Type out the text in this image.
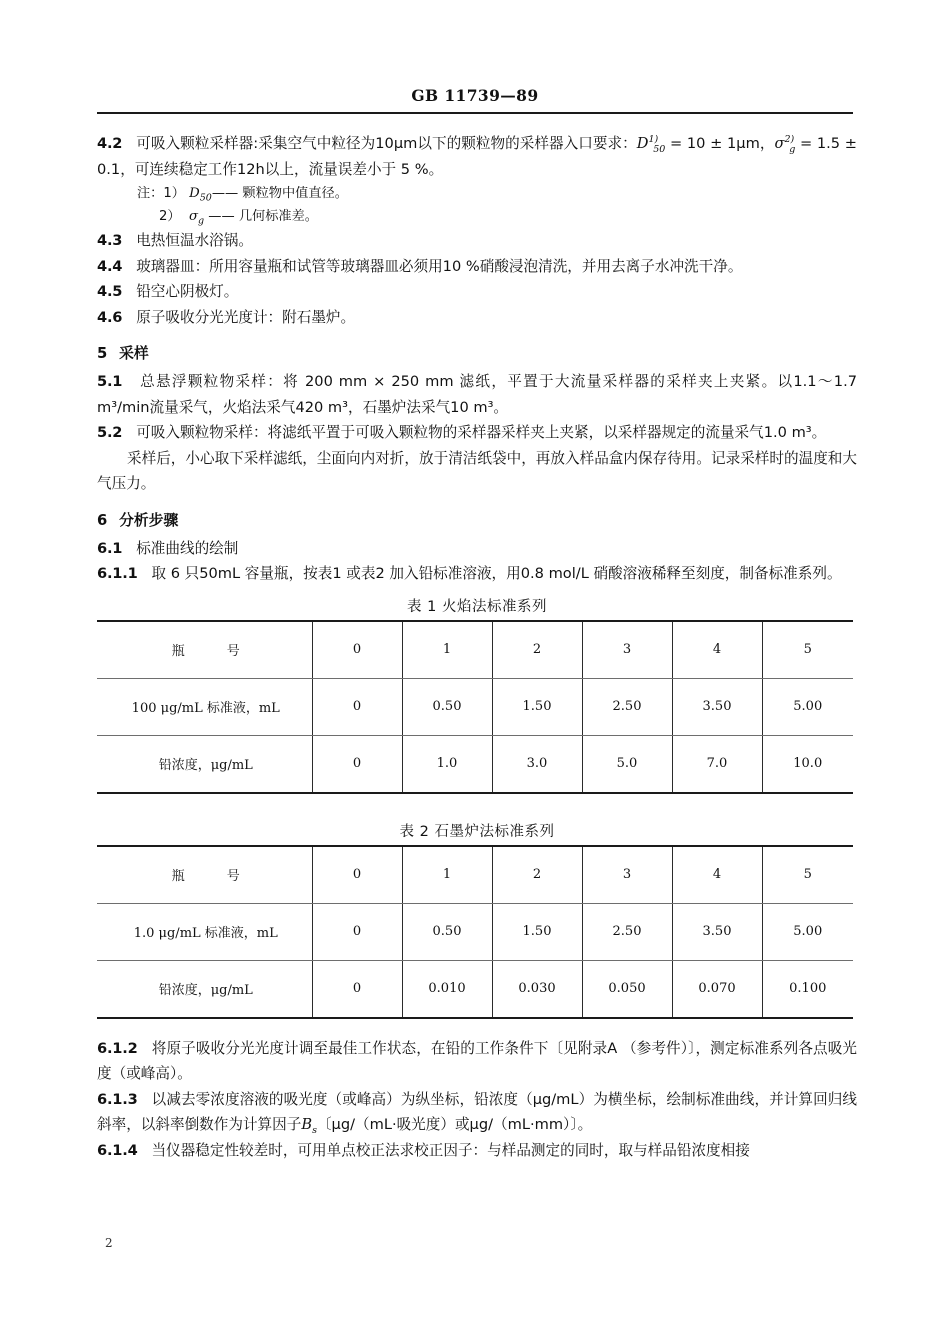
GB 11739—89

4.2 可吸入颗粒采样器:采集空气中粒径为10μm以下的颗粒物的采样器入口要求：$D^{1)}_{50} = 10 \pm 1\mu m$，$\sigma^{2)}_g = 1.5 \pm 0.1$，可连续稳定工作12h以上，流量误差小于 5 %。

注：1） $D_{50}——$ 颗粒物中值直径。

2） $\sigma_g$ —— 几何标准差。

4.3 电热恒温水浴锅。

4.4 玻璃器皿：所用容量瓶和试管等玻璃器皿必须用10 %硝酸浸泡清洗，并用去离子水冲洗干净。

4.5 铅空心阴极灯。

4.6 原子吸收分光光度计：附石墨炉。

5 采样

5.1 总悬浮颗粒物采样：将 200 mm × 250 mm 滤纸，平置于大流量采样器的采样夹上夹紧。以1.1～1.7 m³/min流量采气，火焰法采气420 m³，石墨炉法采气10 m³。

5.2 可吸入颗粒物采样：将滤纸平置于可吸入颗粒物的采样器采样夹上夹紧，以采样器规定的流量采气1.0 m³。

采样后，小心取下采样滤纸，尘面向内对折，放于清洁纸袋中，再放入样品盒内保存待用。记录采样时的温度和大气压力。

6 分析步骤

6.1 标准曲线的绘制

6.1.1 取 6 只50mL 容量瓶，按表1 或表2 加入铅标准溶液，用0.8 mol/L 硝酸溶液稀释至刻度，制备标准系列。

表 1 火焰法标准系列
瓶 号	0	1	2	3	4	5
100 μg/mL 标准液，mL	0	0.50	1.50	2.50	3.50	5.00
铅浓度，μg/mL	0	1.0	3.0	5.0	7.0	10.0
表 2 石墨炉法标准系列
瓶 号	0	1	2	3	4	5
1.0 μg/mL 标准液，mL	0	0.50	1.50	2.50	3.50	5.00
铅浓度，μg/mL	0	0.010	0.030	0.050	0.070	0.100

6.1.2 将原子吸收分光光度计调至最佳工作状态，在铅的工作条件下〔见附录A （参考件）〕，测定标准系列各点吸光度（或峰高）。

6.1.3 以减去零浓度溶液的吸光度（或峰高）为纵坐标，铅浓度（μg/mL）为横坐标，绘制标准曲线，并计算回归线斜率，以斜率倒数作为计算因子$B_s$〔μg/（mL·吸光度）或μg/（mL·mm）〕。

6.1.4 当仪器稳定性较差时，可用单点校正法求校正因子：与样品测定的同时，取与样品铅浓度相接

2
